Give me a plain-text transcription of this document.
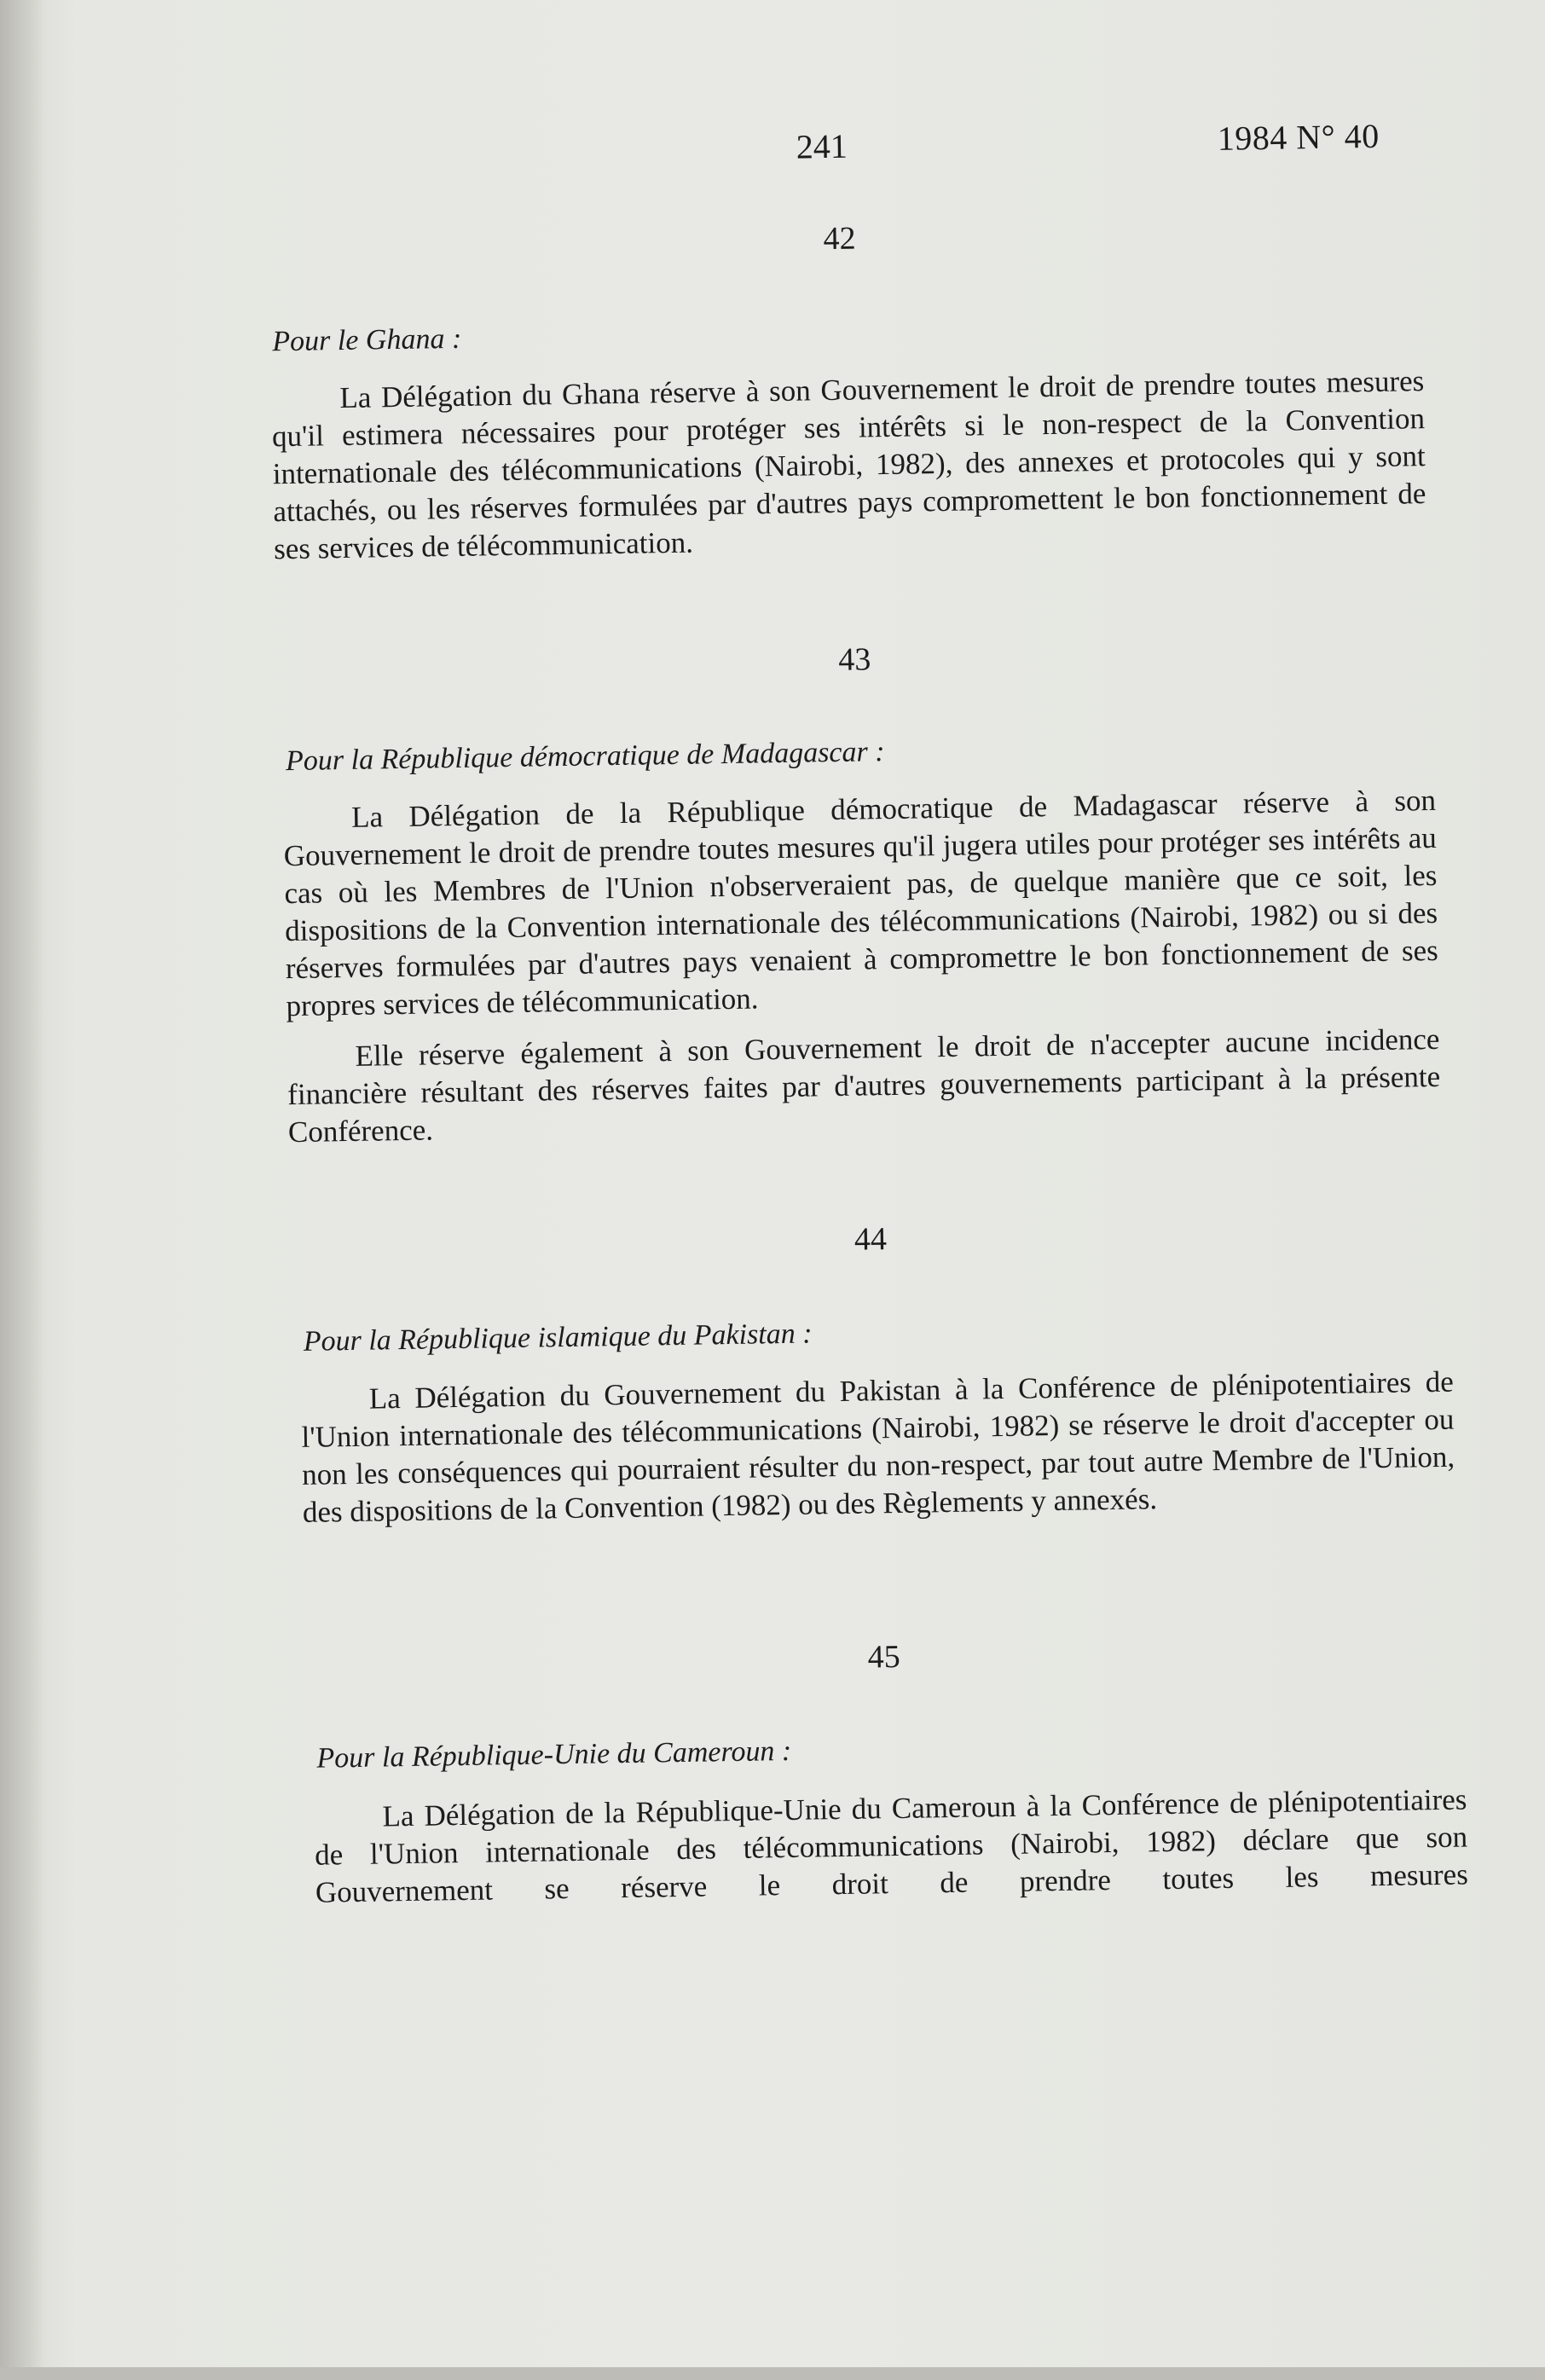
241	1984 N° 40
42
Pour le Ghana :

La Délégation du Ghana réserve à son Gouvernement le droit de prendre toutes mesures qu'il estimera nécessaires pour protéger ses intérêts si le non-respect de la Convention internationale des télécommunications (Nairobi, 1982), des annexes et protocoles qui y sont attachés, ou les réserves formulées par d'autres pays compromettent le bon fonctionnement de ses services de télécommunication.

43
Pour la République démocratique de Madagascar :

La Délégation de la République démocratique de Madagascar réserve à son Gouvernement le droit de prendre toutes mesures qu'il jugera utiles pour protéger ses intérêts au cas où les Membres de l'Union n'observeraient pas, de quelque manière que ce soit, les dispositions de la Convention internationale des télécommunications (Nairobi, 1982) ou si des réserves formulées par d'autres pays venaient à compromettre le bon fonctionnement de ses propres services de télécommunication.

Elle réserve également à son Gouvernement le droit de n'accepter aucune incidence financière résultant des réserves faites par d'autres gouvernements participant à la présente Conférence.

44
Pour la République islamique du Pakistan :

La Délégation du Gouvernement du Pakistan à la Conférence de plénipotentiaires de l'Union internationale des télécommunications (Nairobi, 1982) se réserve le droit d'accepter ou non les conséquences qui pourraient résulter du non-respect, par tout autre Membre de l'Union, des dispositions de la Convention (1982) ou des Règlements y annexés.

45
Pour la République-Unie du Cameroun :

La Délégation de la République-Unie du Cameroun à la Conférence de plénipotentiaires de l'Union internationale des télécommunications (Nairobi, 1982) déclare que son Gouvernement se réserve le droit de prendre toutes les mesures
